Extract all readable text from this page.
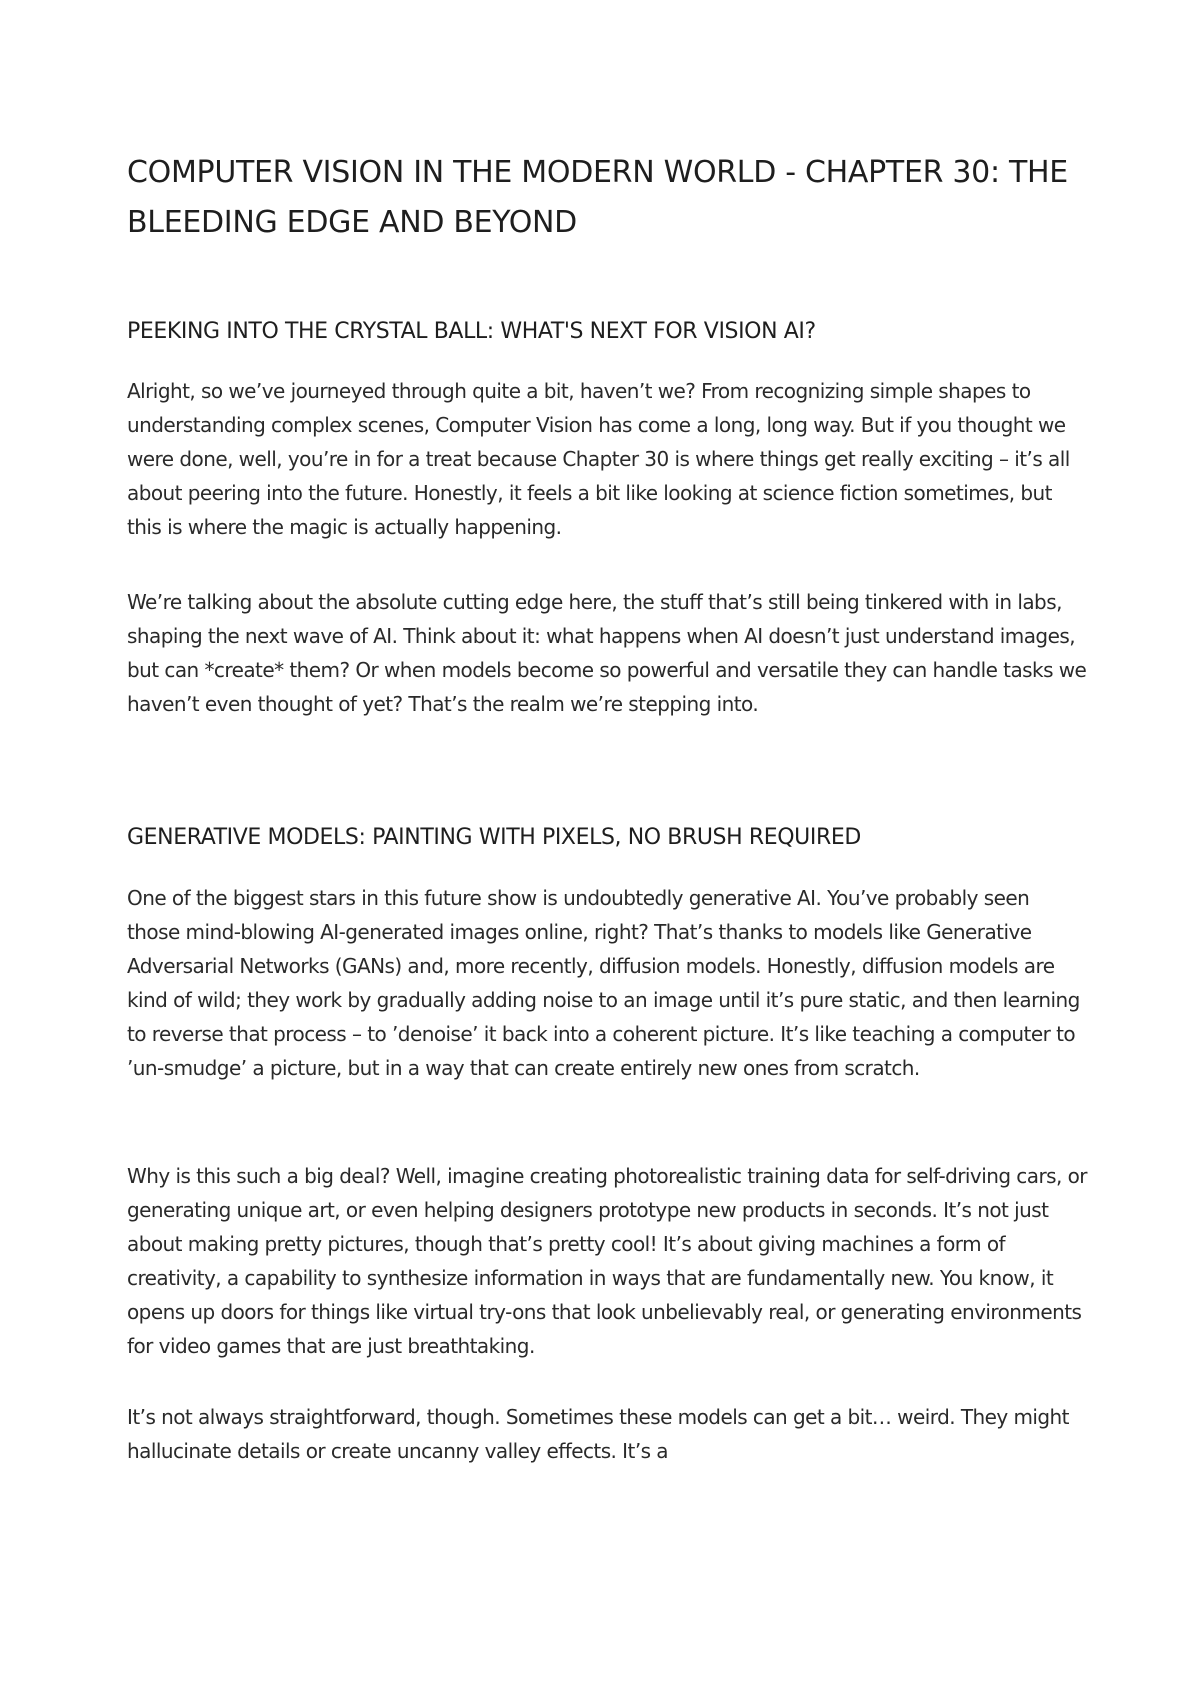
COMPUTER VISION IN THE MODERN WORLD - CHAPTER 30: THE BLEEDING EDGE AND BEYOND
PEEKING INTO THE CRYSTAL BALL: WHAT'S NEXT FOR VISION AI?

Alright, so we’ve journeyed through quite a bit, haven’t we? From recognizing simple shapes to understanding complex scenes, Computer Vision has come a long, long way. But if you thought we were done, well, you’re in for a treat because Chapter 30 is where things get really exciting – it’s all about peering into the future. Honestly, it feels a bit like looking at science fiction sometimes, but this is where the magic is actually happening.

We’re talking about the absolute cutting edge here, the stuff that’s still being tinkered with in labs, shaping the next wave of AI. Think about it: what happens when AI doesn’t just understand images, but can *create* them? Or when models become so powerful and versatile they can handle tasks we haven’t even thought of yet? That’s the realm we’re stepping into.

GENERATIVE MODELS: PAINTING WITH PIXELS, NO BRUSH REQUIRED

One of the biggest stars in this future show is undoubtedly generative AI. You’ve probably seen those mind-blowing AI-generated images online, right? That’s thanks to models like Generative Adversarial Networks (GANs) and, more recently, diffusion models. Honestly, diffusion models are kind of wild; they work by gradually adding noise to an image until it’s pure static, and then learning to reverse that process – to ’denoise’ it back into a coherent picture. It’s like teaching a computer to ’un-smudge’ a picture, but in a way that can create entirely new ones from scratch.

Why is this such a big deal? Well, imagine creating photorealistic training data for self-driving cars, or generating unique art, or even helping designers prototype new products in seconds. It’s not just about making pretty pictures, though that’s pretty cool! It’s about giving machines a form of creativity, a capability to synthesize information in ways that are fundamentally new. You know, it opens up doors for things like virtual try-ons that look unbelievably real, or generating environments for video games that are just breathtaking.

It’s not always straightforward, though. Sometimes these models can get a bit… weird. They might hallucinate details or create uncanny valley effects. It’s a
